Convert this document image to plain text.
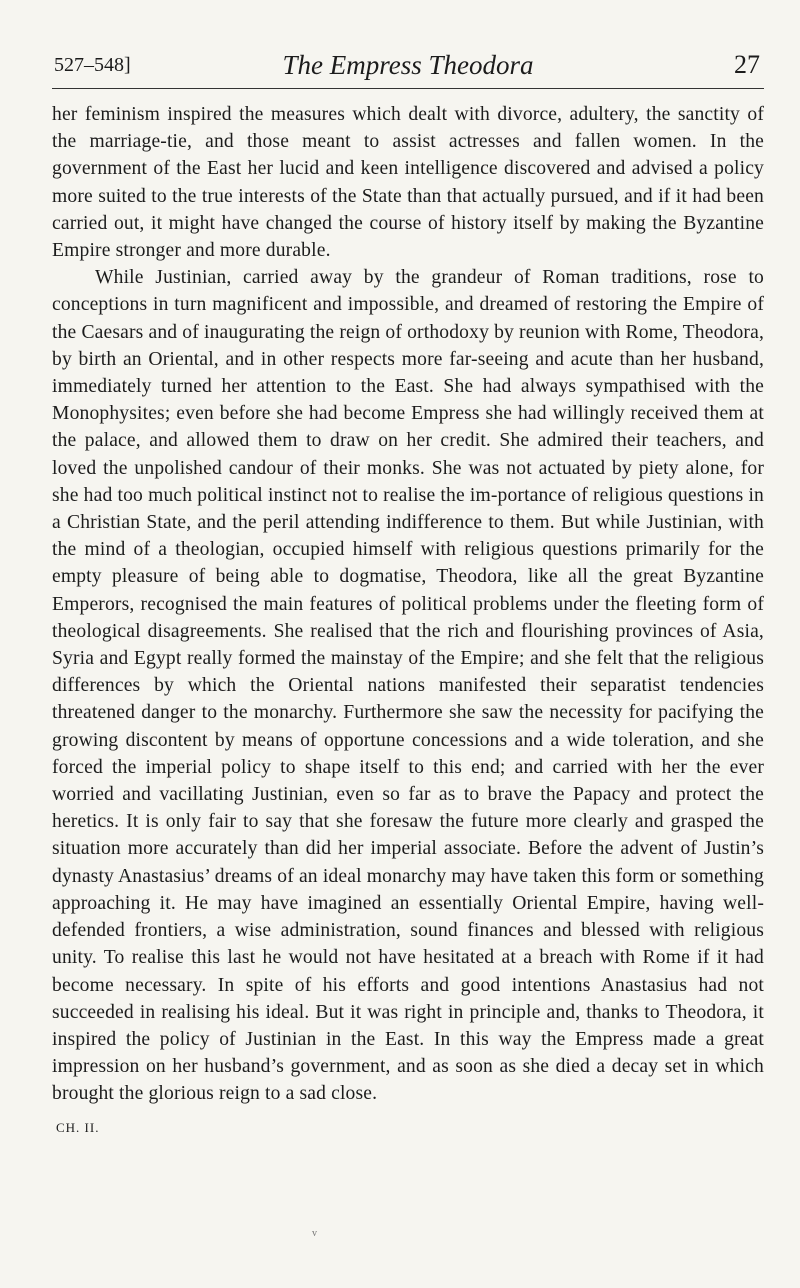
527–548]	The Empress Theodora	27

her feminism inspired the measures which dealt with divorce, adultery, the sanctity of the marriage-tie, and those meant to assist actresses and fallen women. In the government of the East her lucid and keen intelligence discovered and advised a policy more suited to the true interests of the State than that actually pursued, and if it had been carried out, it might have changed the course of history itself by making the Byzantine Empire stronger and more durable.

While Justinian, carried away by the grandeur of Roman traditions, rose to conceptions in turn magnificent and impossible, and dreamed of restoring the Empire of the Caesars and of inaugurating the reign of orthodoxy by reunion with Rome, Theodora, by birth an Oriental, and in other respects more far-seeing and acute than her husband, immediately turned her attention to the East. She had always sympathised with the Monophysites; even before she had become Empress she had willingly received them at the palace, and allowed them to draw on her credit. She admired their teachers, and loved the unpolished candour of their monks. She was not actuated by piety alone, for she had too much political instinct not to realise the im-portance of religious questions in a Christian State, and the peril attending indifference to them. But while Justinian, with the mind of a theologian, occupied himself with religious questions primarily for the empty pleasure of being able to dogmatise, Theodora, like all the great Byzantine Emperors, recognised the main features of political problems under the fleeting form of theological disagreements. She realised that the rich and flourishing provinces of Asia, Syria and Egypt really formed the mainstay of the Empire; and she felt that the religious differences by which the Oriental nations manifested their separatist tendencies threatened danger to the monarchy. Furthermore she saw the necessity for pacifying the growing discontent by means of opportune concessions and a wide toleration, and she forced the imperial policy to shape itself to this end; and carried with her the ever worried and vacillating Justinian, even so far as to brave the Papacy and protect the heretics. It is only fair to say that she foresaw the future more clearly and grasped the situation more accurately than did her imperial associate. Before the advent of Justin’s dynasty Anastasius’ dreams of an ideal monarchy may have taken this form or something approaching it. He may have imagined an essentially Oriental Empire, having well-defended frontiers, a wise administration, sound finances and blessed with religious unity. To realise this last he would not have hesitated at a breach with Rome if it had become necessary. In spite of his efforts and good intentions Anastasius had not succeeded in realising his ideal. But it was right in principle and, thanks to Theodora, it inspired the policy of Justinian in the East. In this way the Empress made a great impression on her husband’s government, and as soon as she died a decay set in which brought the glorious reign to a sad close.

CH. II.
v
